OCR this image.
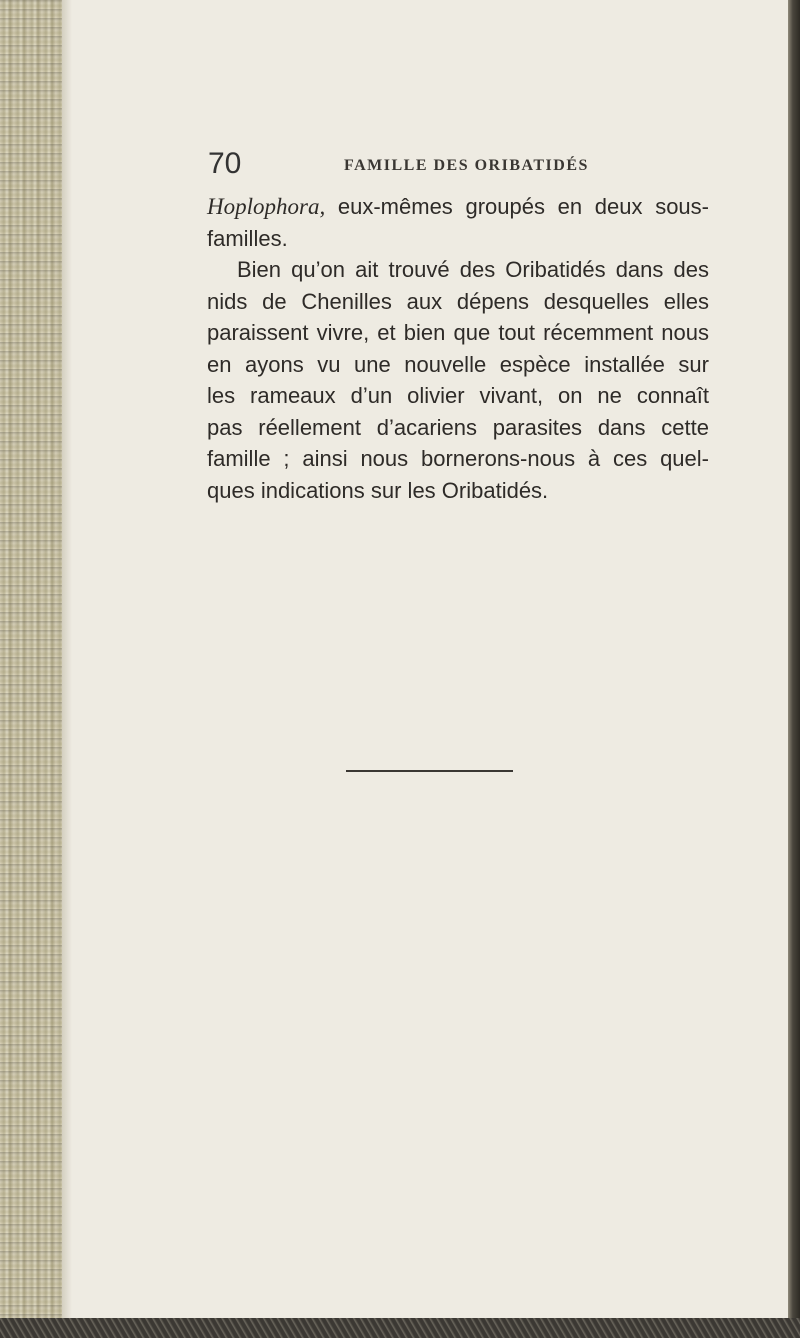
70	FAMILLE DES ORIBATIDÉS
Hoplophora, eux-mêmes groupés en deux sous-
familles.
Bien qu’on ait trouvé des Oribatidés dans des
nids de Chenilles aux dépens desquelles elles
paraissent vivre, et bien que tout récemment nous
en ayons vu une nouvelle espèce installée sur
les rameaux d’un olivier vivant, on ne connaît
pas réellement d’acariens parasites dans cette
famille ; ainsi nous bornerons-nous à ces quel-
ques indications sur les Oribatidés.
